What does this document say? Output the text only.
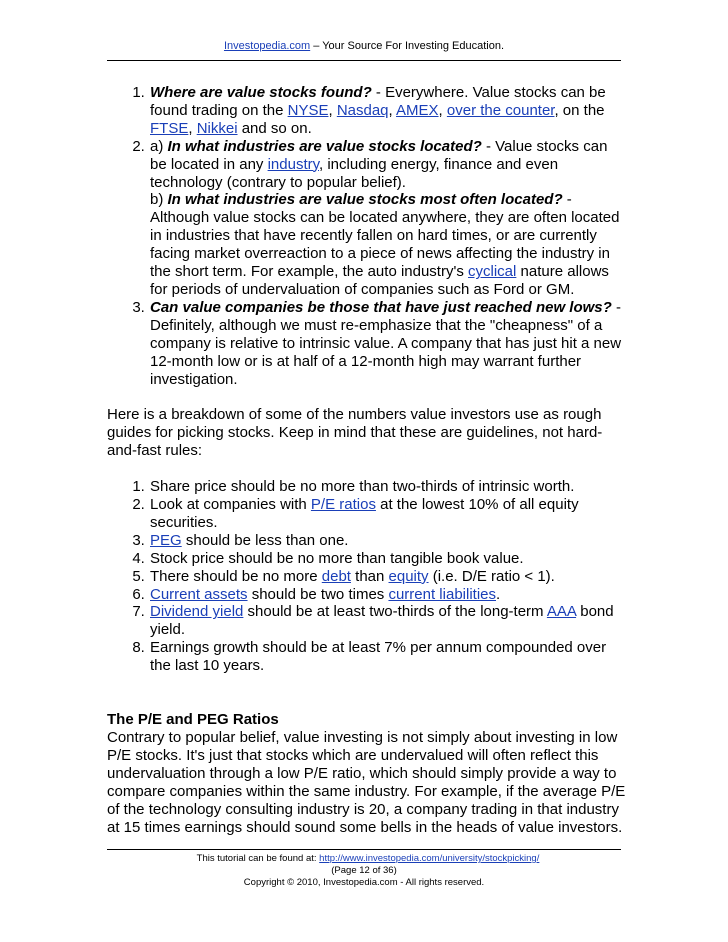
Investopedia.com – Your Source For Investing Education.
1. Where are value stocks found? - Everywhere. Value stocks can be found trading on the NYSE, Nasdaq, AMEX, over the counter, on the FTSE, Nikkei and so on.
2. a) In what industries are value stocks located? - Value stocks can be located in any industry, including energy, finance and even technology (contrary to popular belief).
b) In what industries are value stocks most often located? - Although value stocks can be located anywhere, they are often located in industries that have recently fallen on hard times, or are currently facing market overreaction to a piece of news affecting the industry in the short term. For example, the auto industry's cyclical nature allows for periods of undervaluation of companies such as Ford or GM.
3. Can value companies be those that have just reached new lows? - Definitely, although we must re-emphasize that the "cheapness" of a company is relative to intrinsic value. A company that has just hit a new 12-month low or is at half of a 12-month high may warrant further investigation.

Here is a breakdown of some of the numbers value investors use as rough guides for picking stocks. Keep in mind that these are guidelines, not hard-and-fast rules:

1. Share price should be no more than two-thirds of intrinsic worth.
2. Look at companies with P/E ratios at the lowest 10% of all equity securities.
3. PEG should be less than one.
4. Stock price should be no more than tangible book value.
5. There should be no more debt than equity (i.e. D/E ratio < 1).
6. Current assets should be two times current liabilities.
7. Dividend yield should be at least two-thirds of the long-term AAA bond yield.
8. Earnings growth should be at least 7% per annum compounded over the last 10 years.

The P/E and PEG Ratios

Contrary to popular belief, value investing is not simply about investing in low P/E stocks. It's just that stocks which are undervalued will often reflect this undervaluation through a low P/E ratio, which should simply provide a way to compare companies within the same industry. For example, if the average P/E of the technology consulting industry is 20, a company trading in that industry at 15 times earnings should sound some bells in the heads of value investors.

This tutorial can be found at: http://www.investopedia.com/university/stockpicking/
(Page 12 of 36)
Copyright © 2010, Investopedia.com - All rights reserved.
